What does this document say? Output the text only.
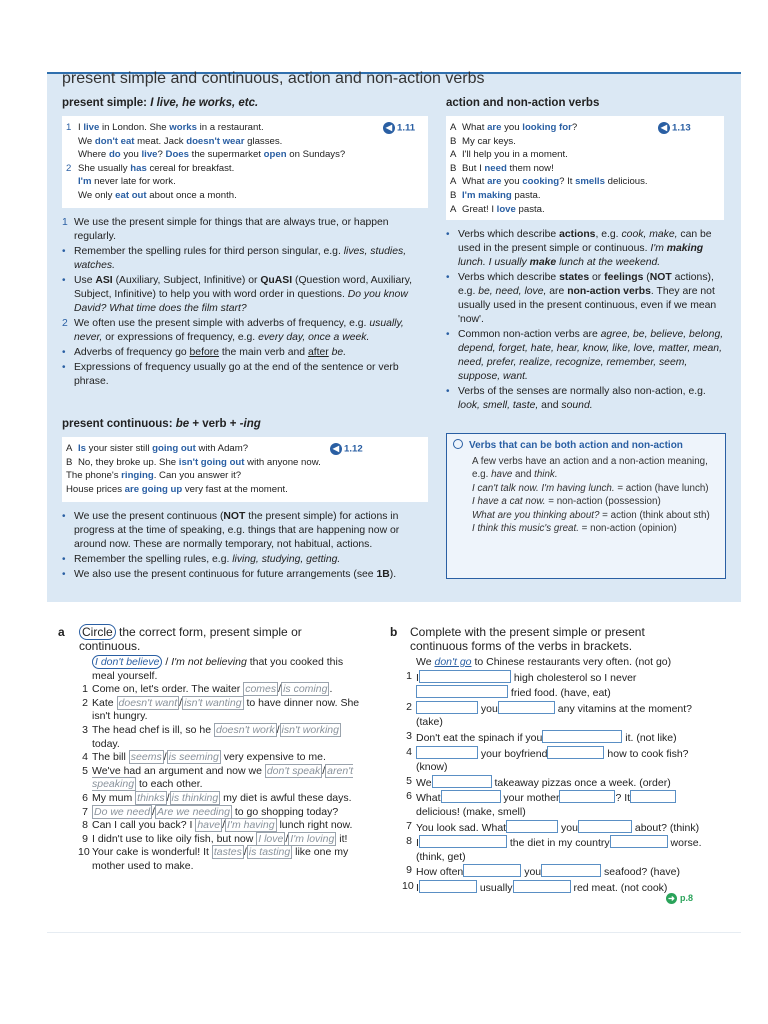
present simple and continuous, action and non-action verbs
present simple: I live, he works, etc.
◀ 1.11
1 I live in London. She works in a restaurant.
We don't eat meat. Jack doesn't wear glasses.
Where do you live? Does the supermarket open on Sundays?
2 She usually has cereal for breakfast.
I'm never late for work.
We only eat out about once a month.
1 We use the present simple for things that are always true, or happen regularly.
• Remember the spelling rules for third person singular, e.g. lives, studies, watches.
• Use ASI (Auxiliary, Subject, Infinitive) or QuASI (Question word, Auxiliary, Subject, Infinitive) to help you with word order in questions. Do you know David? What time does the film start?
2 We often use the present simple with adverbs of frequency, e.g. usually, never, or expressions of frequency, e.g. every day, once a week.
• Adverbs of frequency go before the main verb and after be.
• Expressions of frequency usually go at the end of the sentence or verb phrase.
present continuous: be + verb + -ing
◀ 1.12
A Is your sister still going out with Adam?
B No, they broke up. She isn't going out with anyone now.
The phone's ringing. Can you answer it?
House prices are going up very fast at the moment.
• We use the present continuous (NOT the present simple) for actions in progress at the time of speaking, e.g. things that are happening now or around now. These are normally temporary, not habitual, actions.
• Remember the spelling rules, e.g. living, studying, getting.
• We also use the present continuous for future arrangements (see 1B).
action and non-action verbs
◀ 1.13
A What are you looking for?
B My car keys.
A I'll help you in a moment.
B But I need them now!
A What are you cooking? It smells delicious.
B I'm making pasta.
A Great! I love pasta.
• Verbs which describe actions, e.g. cook, make, can be used in the present simple or continuous. I'm making lunch. I usually make lunch at the weekend.
• Verbs which describe states or feelings (NOT actions), e.g. be, need, love, are non-action verbs. They are not usually used in the present continuous, even if we mean 'now'.
• Common non-action verbs are agree, be, believe, belong, depend, forget, hate, hear, know, like, love, matter, mean, need, prefer, realize, recognize, remember, seem, suppose, want.
• Verbs of the senses are normally also non-action, e.g. look, smell, taste, and sound.
Verbs that can be both action and non-action
A few verbs have an action and a non-action meaning, e.g. have and think.
I can't talk now. I'm having lunch. = action (have lunch)
I have a cat now. = non-action (possession)
What are you thinking about? = action (think about sth)
I think this music's great. = non-action (opinion)
a Circle the correct form, present simple or continuous.
I don't believe / I'm not believing that you cooked this meal yourself.
1 Come on, let's order. The waiter comes / is coming .
2 Kate doesn't want / isn't wanting to have dinner now. She isn't hungry.
3 The head chef is ill, so he doesn't work / isn't working today.
4 The bill seems / is seeming very expensive to me.
5 We've had an argument and now we don't speak / aren't speaking to each other.
6 My mum thinks / is thinking my diet is awful these days.
7 Do we need / Are we needing to go shopping today?
8 Can I call you back? I have / I'm having lunch right now.
9 I didn't use to like oily fish, but now I love / I'm loving it!
10 Your cake is wonderful! It tastes / is tasting like one my mother used to make.
b Complete with the present simple or present continuous forms of the verbs in brackets.
We don't go to Chinese restaurants very often. (not go)
1 I	high cholesterol so I never
fried food. (have, eat)
2	you	any vitamins at the moment? (take)
3 Don't eat the spinach if you	it. (not like)
4	your boyfriend	how to cook fish? (know)
5 We	takeaway pizzas once a week. (order)
6 What	your mother	? It delicious! (make, smell)
7 You look sad. What	you	about? (think)
8 I	the diet in my country	worse. (think, get)
9 How often	you	seafood? (have)
10 I	usually	red meat. (not cook)
➜ p.8
